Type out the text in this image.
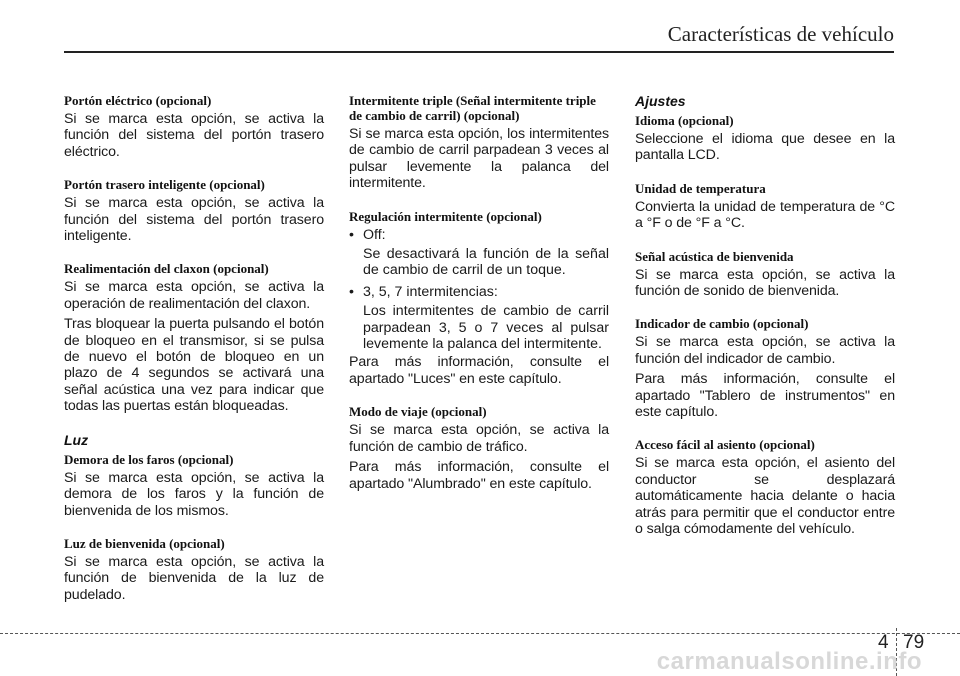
Características de vehículo
Portón eléctrico (opcional)

Si se marca esta opción, se activa la función del sistema del portón trasero eléctrico.

Portón trasero inteligente (opcional)

Si se marca esta opción, se activa la función del sistema del portón trasero inteligente.

Realimentación del claxon (opcional)

Si se marca esta opción, se activa la operación de realimentación del claxon.

Tras bloquear la puerta pulsando el botón de bloqueo en el transmisor, si se pulsa de nuevo el botón de bloqueo en un plazo de 4 segundos se activará una señal acústica una vez para indicar que todas las puertas están bloqueadas.

Luz
Demora de los faros (opcional)

Si se marca esta opción, se activa la demora de los faros y la función de bienvenida de los mismos.

Luz de bienvenida (opcional)

Si se marca esta opción, se activa la función de bienvenida de la luz de pudelado.

Intermitente triple (Señal intermitente triple de cambio de carril) (opcional)

Si se marca esta opción, los intermitentes de cambio de carril parpadean 3 veces al pulsar levemente la palanca del intermitente.

Regulación intermitente (opcional)
• Off:
Se desactivará la función de la señal de cambio de carril de un toque.
• 3, 5, 7 intermitencias:
Los intermitentes de cambio de carril parpadean 3, 5 o 7 veces al pulsar levemente la palanca del intermitente.

Para más información, consulte el apartado "Luces" en este capítulo.

Modo de viaje (opcional)

Si se marca esta opción, se activa la función de cambio de tráfico.

Para más información, consulte el apartado "Alumbrado" en este capítulo.

Ajustes
Idioma (opcional)

Seleccione el idioma que desee en la pantalla LCD.

Unidad de temperatura

Convierta la unidad de temperatura de °C a °F o de °F a °C.

Señal acústica de bienvenida

Si se marca esta opción, se activa la función de sonido de bienvenida.

Indicador de cambio (opcional)

Si se marca esta opción, se activa la función del indicador de cambio.

Para más información, consulte el apartado "Tablero de instrumentos" en este capítulo.

Acceso fácil al asiento (opcional)

Si se marca esta opción, el asiento del conductor se desplazará automáticamente hacia delante o hacia atrás para permitir que el conductor entre o salga cómodamente del vehículo.

4 79
carmanualsonline.info
